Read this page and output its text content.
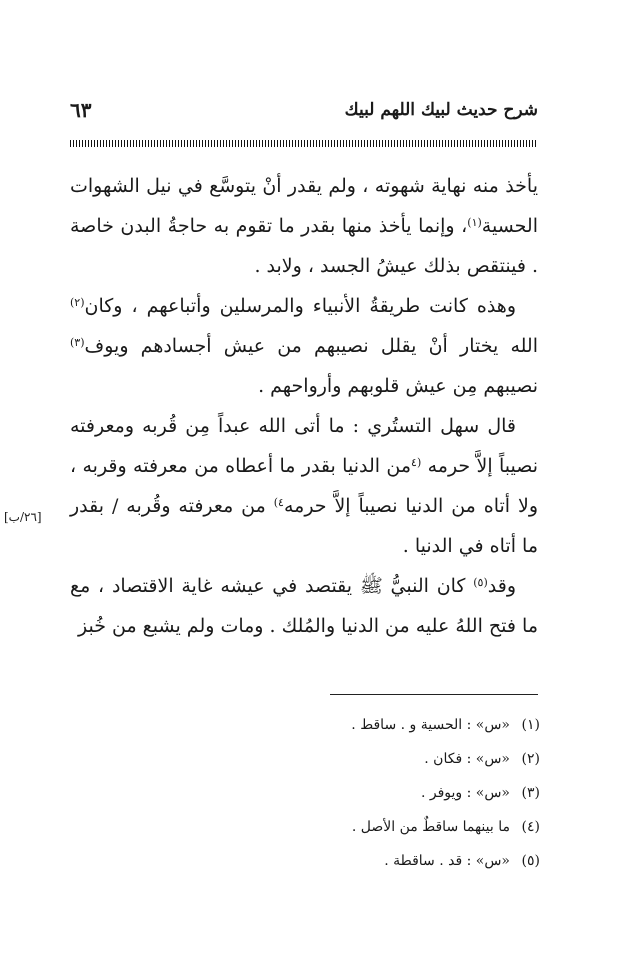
شرح حديث لبيك اللهم لبيك
٦٣

يأخذ منه نهاية شهوته ، ولم يقدر أنْ يتوسَّع في نيل الشهوات الحسية$^{(١)}$، وإنما يأخذ منها بقدر ما تقوم به حاجةُ البدن خاصة . فينتقص بذلك عيشُ الجسد ، ولابد .

وهذه كانت طريقةُ الأنبياء والمرسلين وأتباعهم ، وكان$^{(٢)}$ الله يختار أنْ يقلل نصيبهم من عيش أجسادهم ويوف$^{(٣)}$ نصيبهم مِن عيش قلوبهم وأرواحهم .

قال سهل التستُري : ما أتى الله عبداً مِن قُربه ومعرفته نصيباً إلاَّ حرمه $^{(٤}$من الدنيا بقدر ما أعطاه من معرفته وقربه ، ولا أتاه من الدنيا نصيباً إلاَّ حرمه$^{٤)}$ من معرفته وقُربه / بقدر ما أتاه في الدنيا .

وقد$^{(٥)}$ كان النبيُّ ﷺ يقتصد في عيشه غاية الاقتصاد ، مع ما فتح اللهُ عليه من الدنيا والمُلك . ومات ولم يشبع من خُبز

[٢٦/ب]
(١)«س» : الحسية و . ساقط .
(٢)«س» : فكان .
(٣)«س» : ويوفر .
(٤)ما بينهما ساقطٌ من الأصل .
(٥)«س» : قد . ساقطة .
